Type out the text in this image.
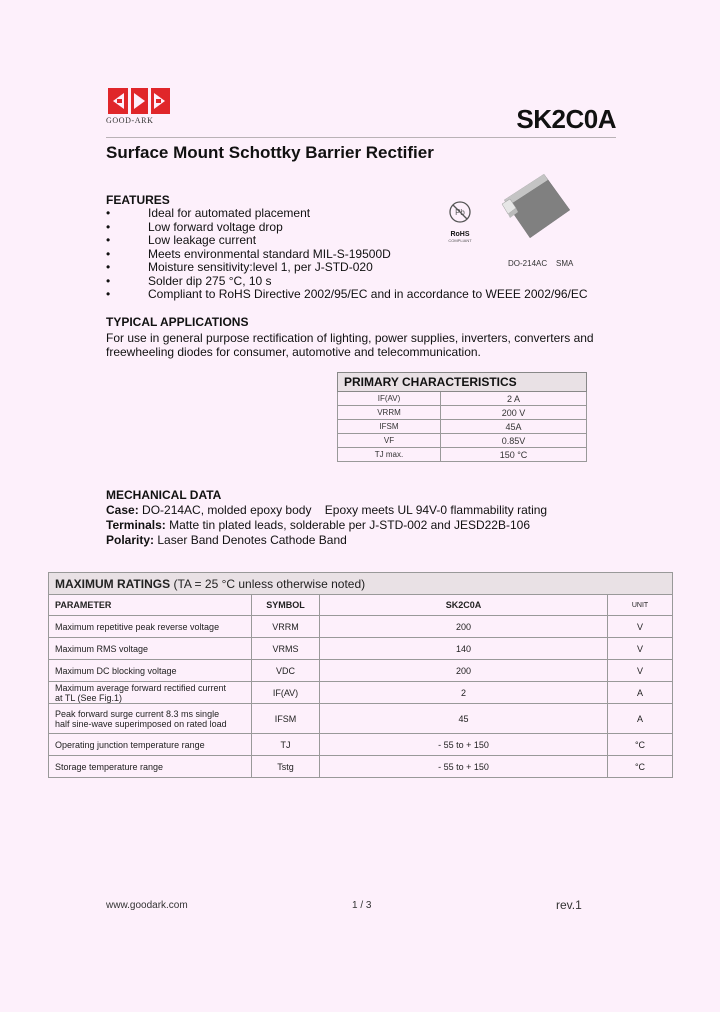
GOOD-ARK	SK2C0A
Surface Mount Schottky Barrier Rectifier
FEATURES
•	Ideal for automated placement
•	Low forward voltage drop
•	Low leakage current
•	Meets environmental standard MIL-S-19500D
•	Moisture sensitivity:level 1, per J-STD-020
•	Solder dip 275 °C, 10 s
•	Compliant to RoHS Directive 2002/95/EC and in accordance to WEEE 2002/96/EC
Pb
RoHS
COMPLIANT
DO-214AC    SMA
TYPICAL APPLICATIONS
For use in general purpose rectification of lighting, power supplies, inverters, converters and
freewheeling diodes for consumer, automotive and telecommunication.
PRIMARY CHARACTERISTICS	
IF(AV)	2 A
VRRM	200 V
IFSM	45A
VF	0.85V
TJ max.	150 °C
MECHANICAL DATA
Case: DO-214AC, molded epoxy body    Epoxy meets UL 94V-0 flammability rating
Terminals: Matte tin plated leads, solderable per J-STD-002 and JESD22B-106
Polarity: Laser Band Denotes Cathode Band
MAXIMUM RATINGS (TA = 25 °C unless otherwise noted)			
PARAMETER	SYMBOL	SK2C0A	UNIT

Maximum repetitive peak reverse voltage	VRRM	200	V

Maximum RMS voltage	VRMS	140	V

Maximum DC blocking voltage	VDC	200	V

Maximum average forward rectified current
at TL (See Fig.1)	IF(AV)	2	A

Peak forward surge current 8.3 ms single
half sine-wave superimposed on rated load	IFSM	45	A

Operating junction temperature range	TJ	- 55 to + 150	°C

Storage temperature range	Tstg	- 55 to + 150	°C
www.goodark.com	1 / 3	rev.1
